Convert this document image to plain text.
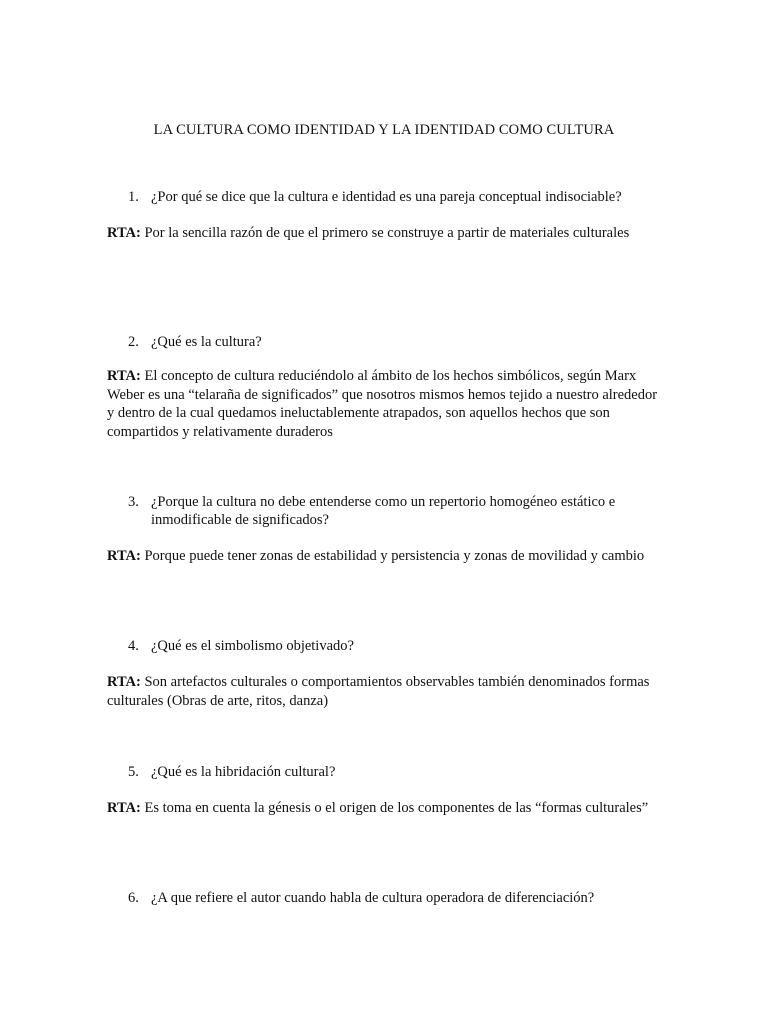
LA CULTURA COMO IDENTIDAD Y LA IDENTIDAD COMO CULTURA
1. ¿Por qué se dice que la cultura e identidad es una pareja conceptual indisociable?
RTA: Por la sencilla razón de que el primero se construye a partir de materiales culturales
2. ¿Qué es la cultura?
RTA: El concepto de cultura reduciéndolo al ámbito de los hechos simbólicos, según Marx Weber es una “telaraña de significados” que nosotros mismos hemos tejido a nuestro alrededor y dentro de la cual quedamos ineluctablemente atrapados, son aquellos hechos que son compartidos y relativamente duraderos
3. ¿Porque la cultura no debe entenderse como un repertorio homogéneo estático e inmodificable de significados?
RTA: Porque puede tener zonas de estabilidad y persistencia y zonas de movilidad y cambio
4. ¿Qué es el simbolismo objetivado?
RTA: Son artefactos culturales o comportamientos observables también denominados formas culturales (Obras de arte, ritos, danza)
5. ¿Qué es la hibridación cultural?
RTA: Es toma en cuenta la génesis o el origen de los componentes de las “formas culturales”
6. ¿A que refiere el autor cuando habla de cultura operadora de diferenciación?
